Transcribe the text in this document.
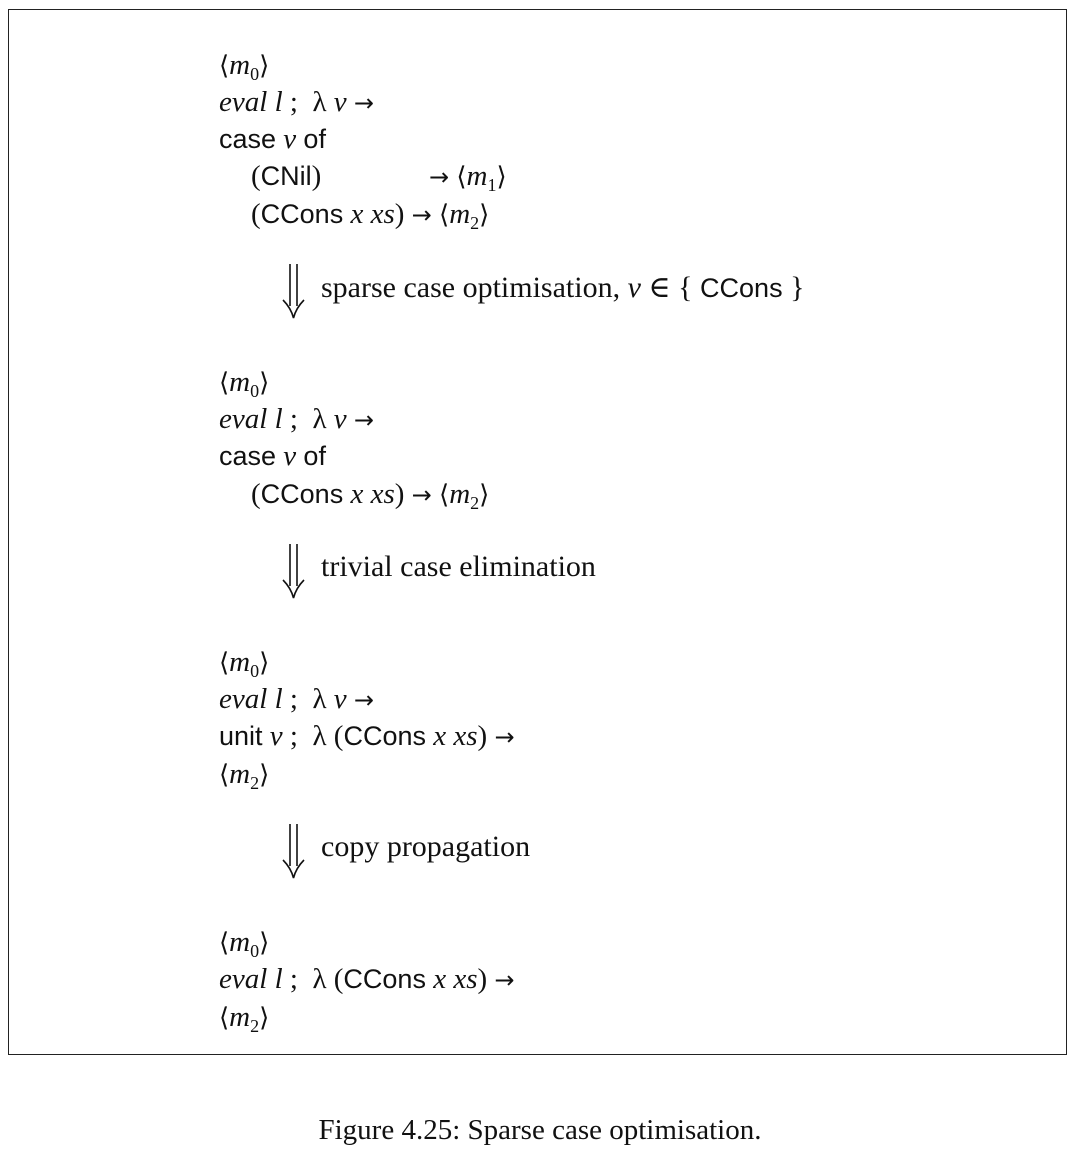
$⟨m_0⟩$
eval l ; λ v →
case v of
(CNil)	→ $⟨m_1⟩$
(CCons x $xs) \to ⟨m_2⟩$
sparse case optimisation, v ∈ { CCons }
$⟨m_0⟩$
eval l ; λ v →
case v of
(CCons x $xs) \to ⟨m_2⟩$
trivial case elimination
$⟨m_0⟩$
eval l ; λ v →
unit v ; λ (CCons x xs) →
$⟨m_2⟩$
copy propagation
$⟨m_0⟩$
eval l ; λ (CCons x xs) →
$⟨m_2⟩$
Figure 4.25: Sparse case optimisation.
